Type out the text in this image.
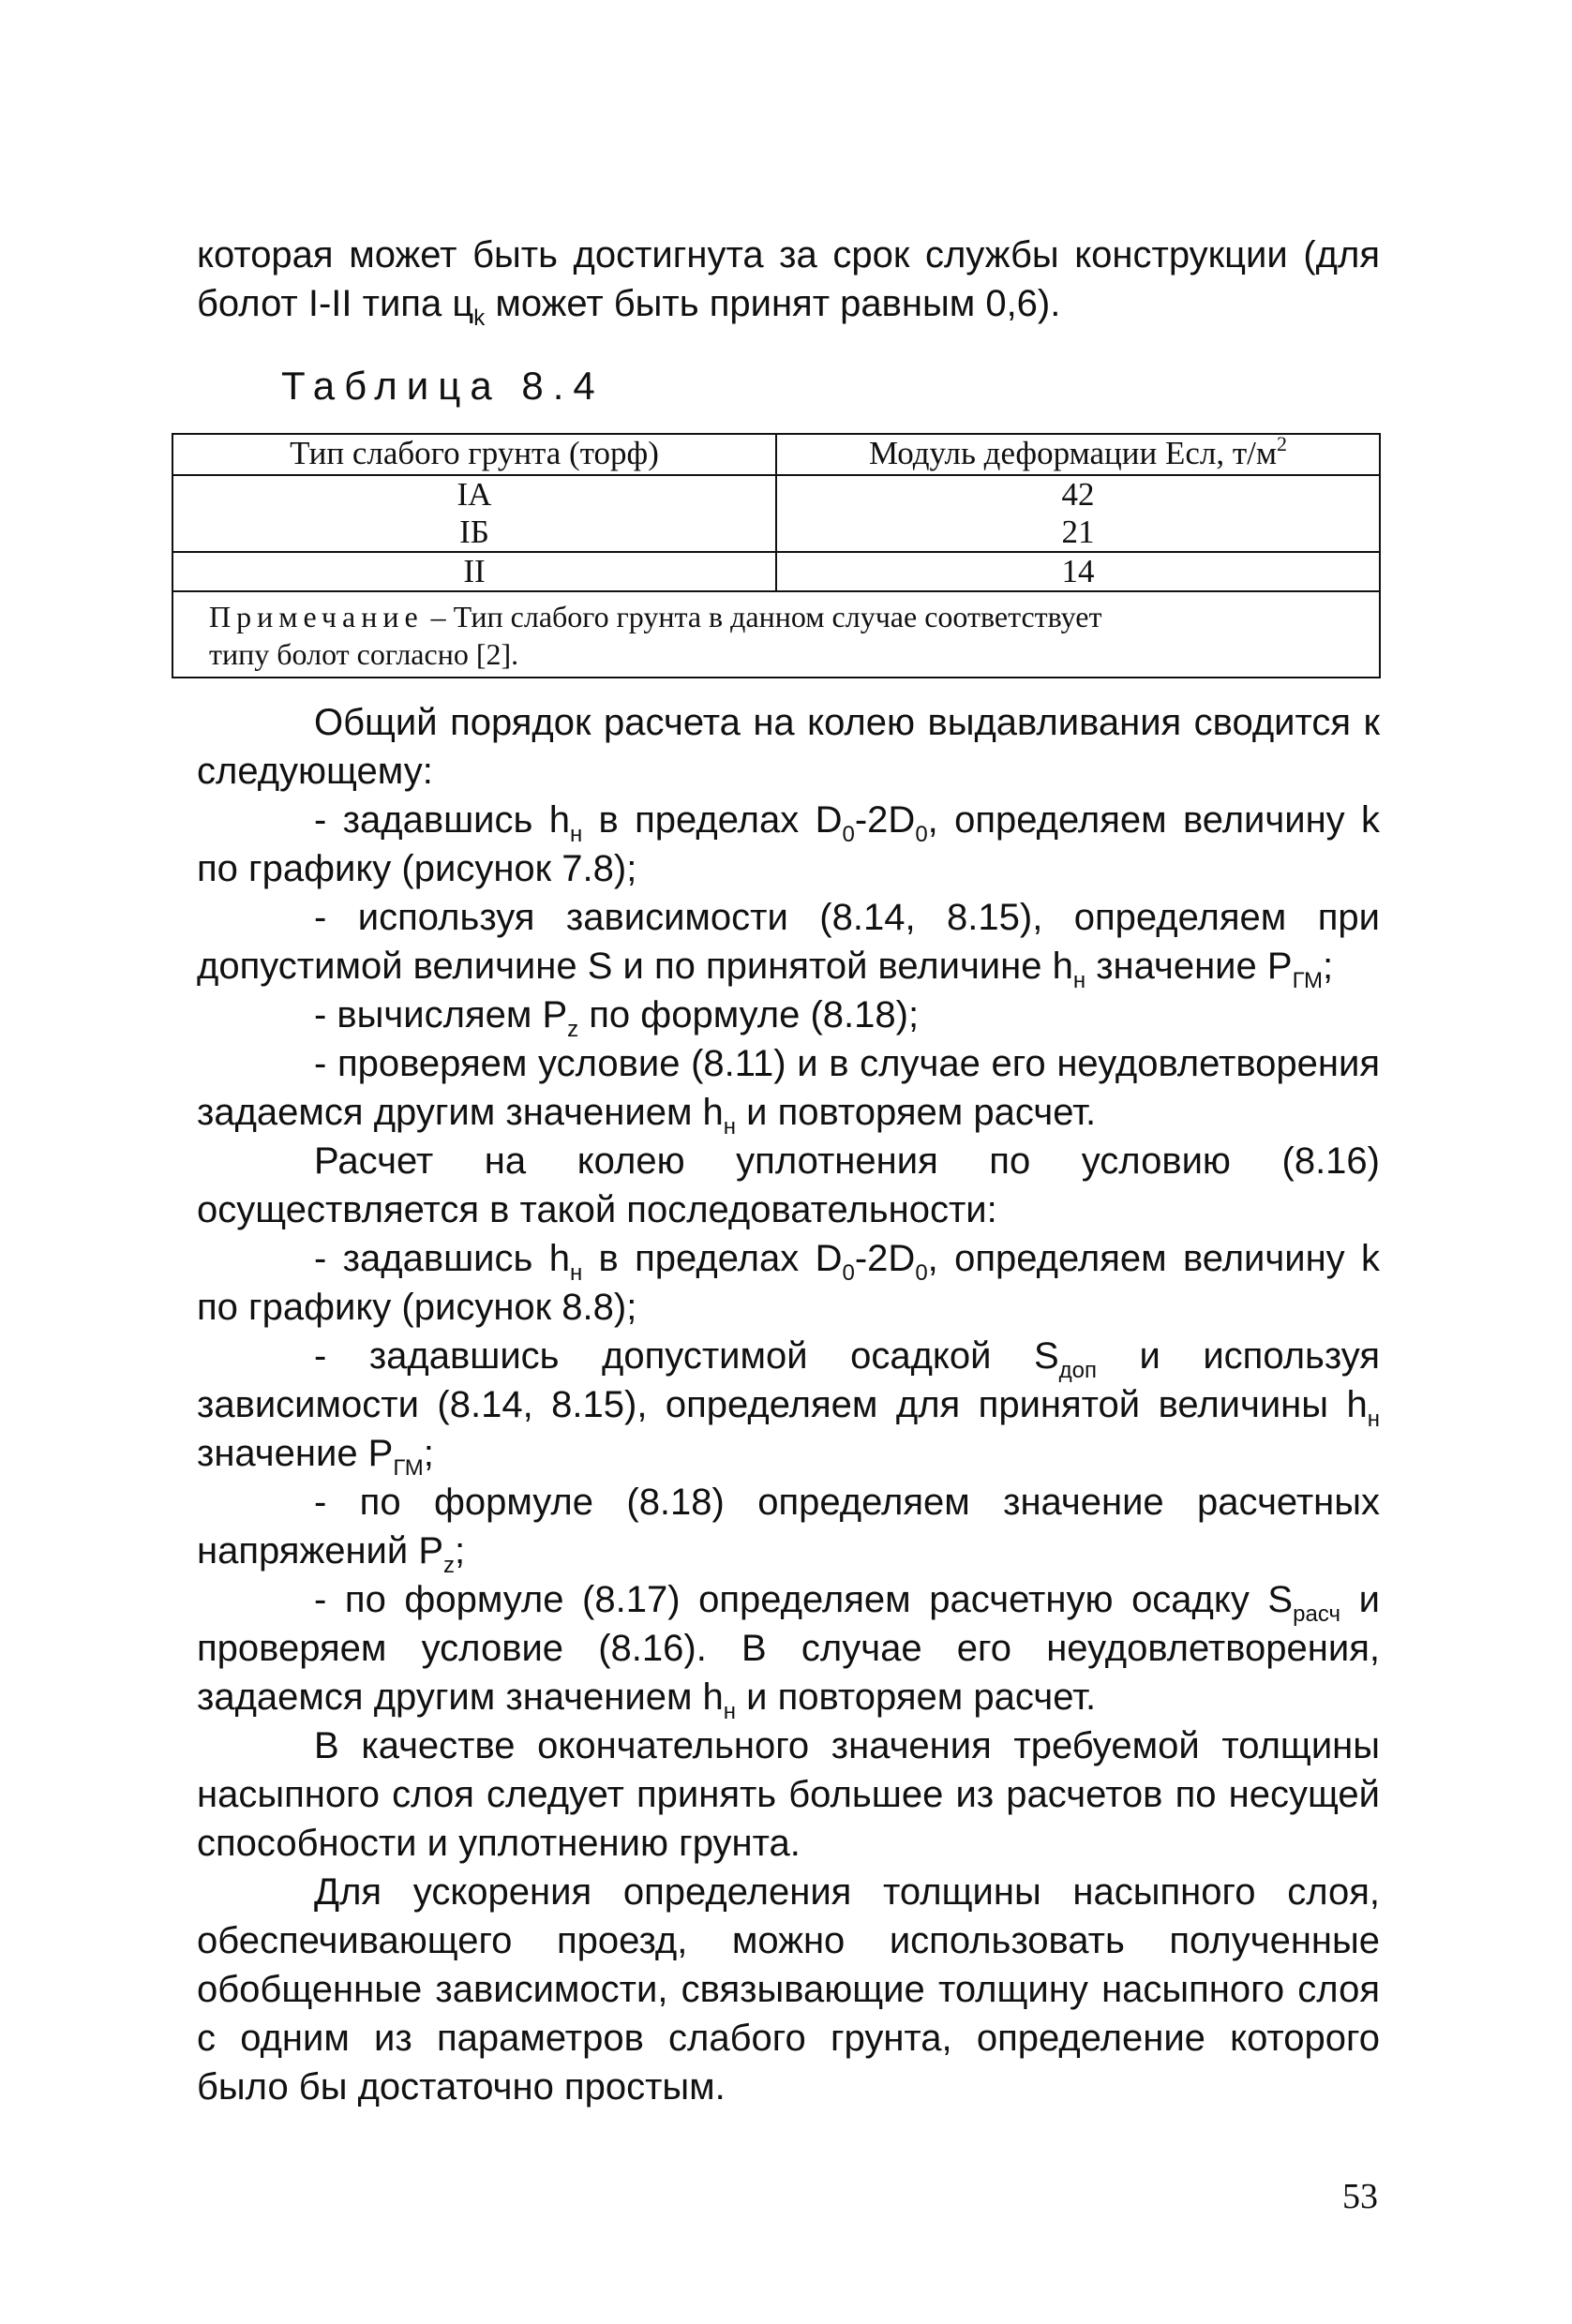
которая может быть достигнута за срок службы конструкции (для

болот I-II типа $ц_k$ может быть принят равным 0,6).

Таблица 8.4

Тип слабого грунта (торф)	Модуль деформации Есл, $т/м^2$
IA	42
IБ	21
II	14
Примечание – Тип слабого грунта в данном случае соответствует
типу болот согласно [2].	

Общий порядок расчета на колею выдавливания сводится к следующему:

- задавшись $h_н$ в пределах $D_0-2D_0$, определяем величину k по графику (рисунок 7.8);

- используя зависимости (8.14, 8.15), определяем при допустимой величине S и по принятой величине $h_н$ значение $P_{ГМ}$;

- вычисляем $P_z$ по формуле (8.18);

- проверяем условие (8.11) и в случае его неудовлетворения задаемся другим значением $h_н$ и повторяем расчет.

Расчет на колею уплотнения по условию (8.16) осуществляется в такой последовательности:

- задавшись $h_н$ в пределах $D_0-2D_0$, определяем величину k по графику (рисунок 8.8);

- задавшись допустимой осадкой $S_{доп}$ и используя зависимости (8.14, 8.15), определяем для принятой величины $h_н$ значение $P_{ГМ}$;

- по формуле (8.18) определяем значение расчетных напряжений $P_z$;

- по формуле (8.17) определяем расчетную осадку $S_{расч}$ и проверяем условие (8.16). В случае его неудовлетворения, задаемся другим значением $h_н$ и повторяем расчет.

В качестве окончательного значения требуемой толщины насыпного слоя следует принять большее из расчетов по несущей способности и уплотнению грунта.

Для ускорения определения толщины насыпного слоя, обеспечивающего проезд, можно использовать полученные обобщенные зависимости, связывающие толщину насыпного слоя с одним из параметров слабого грунта, определение которого было бы достаточно простым.

53
